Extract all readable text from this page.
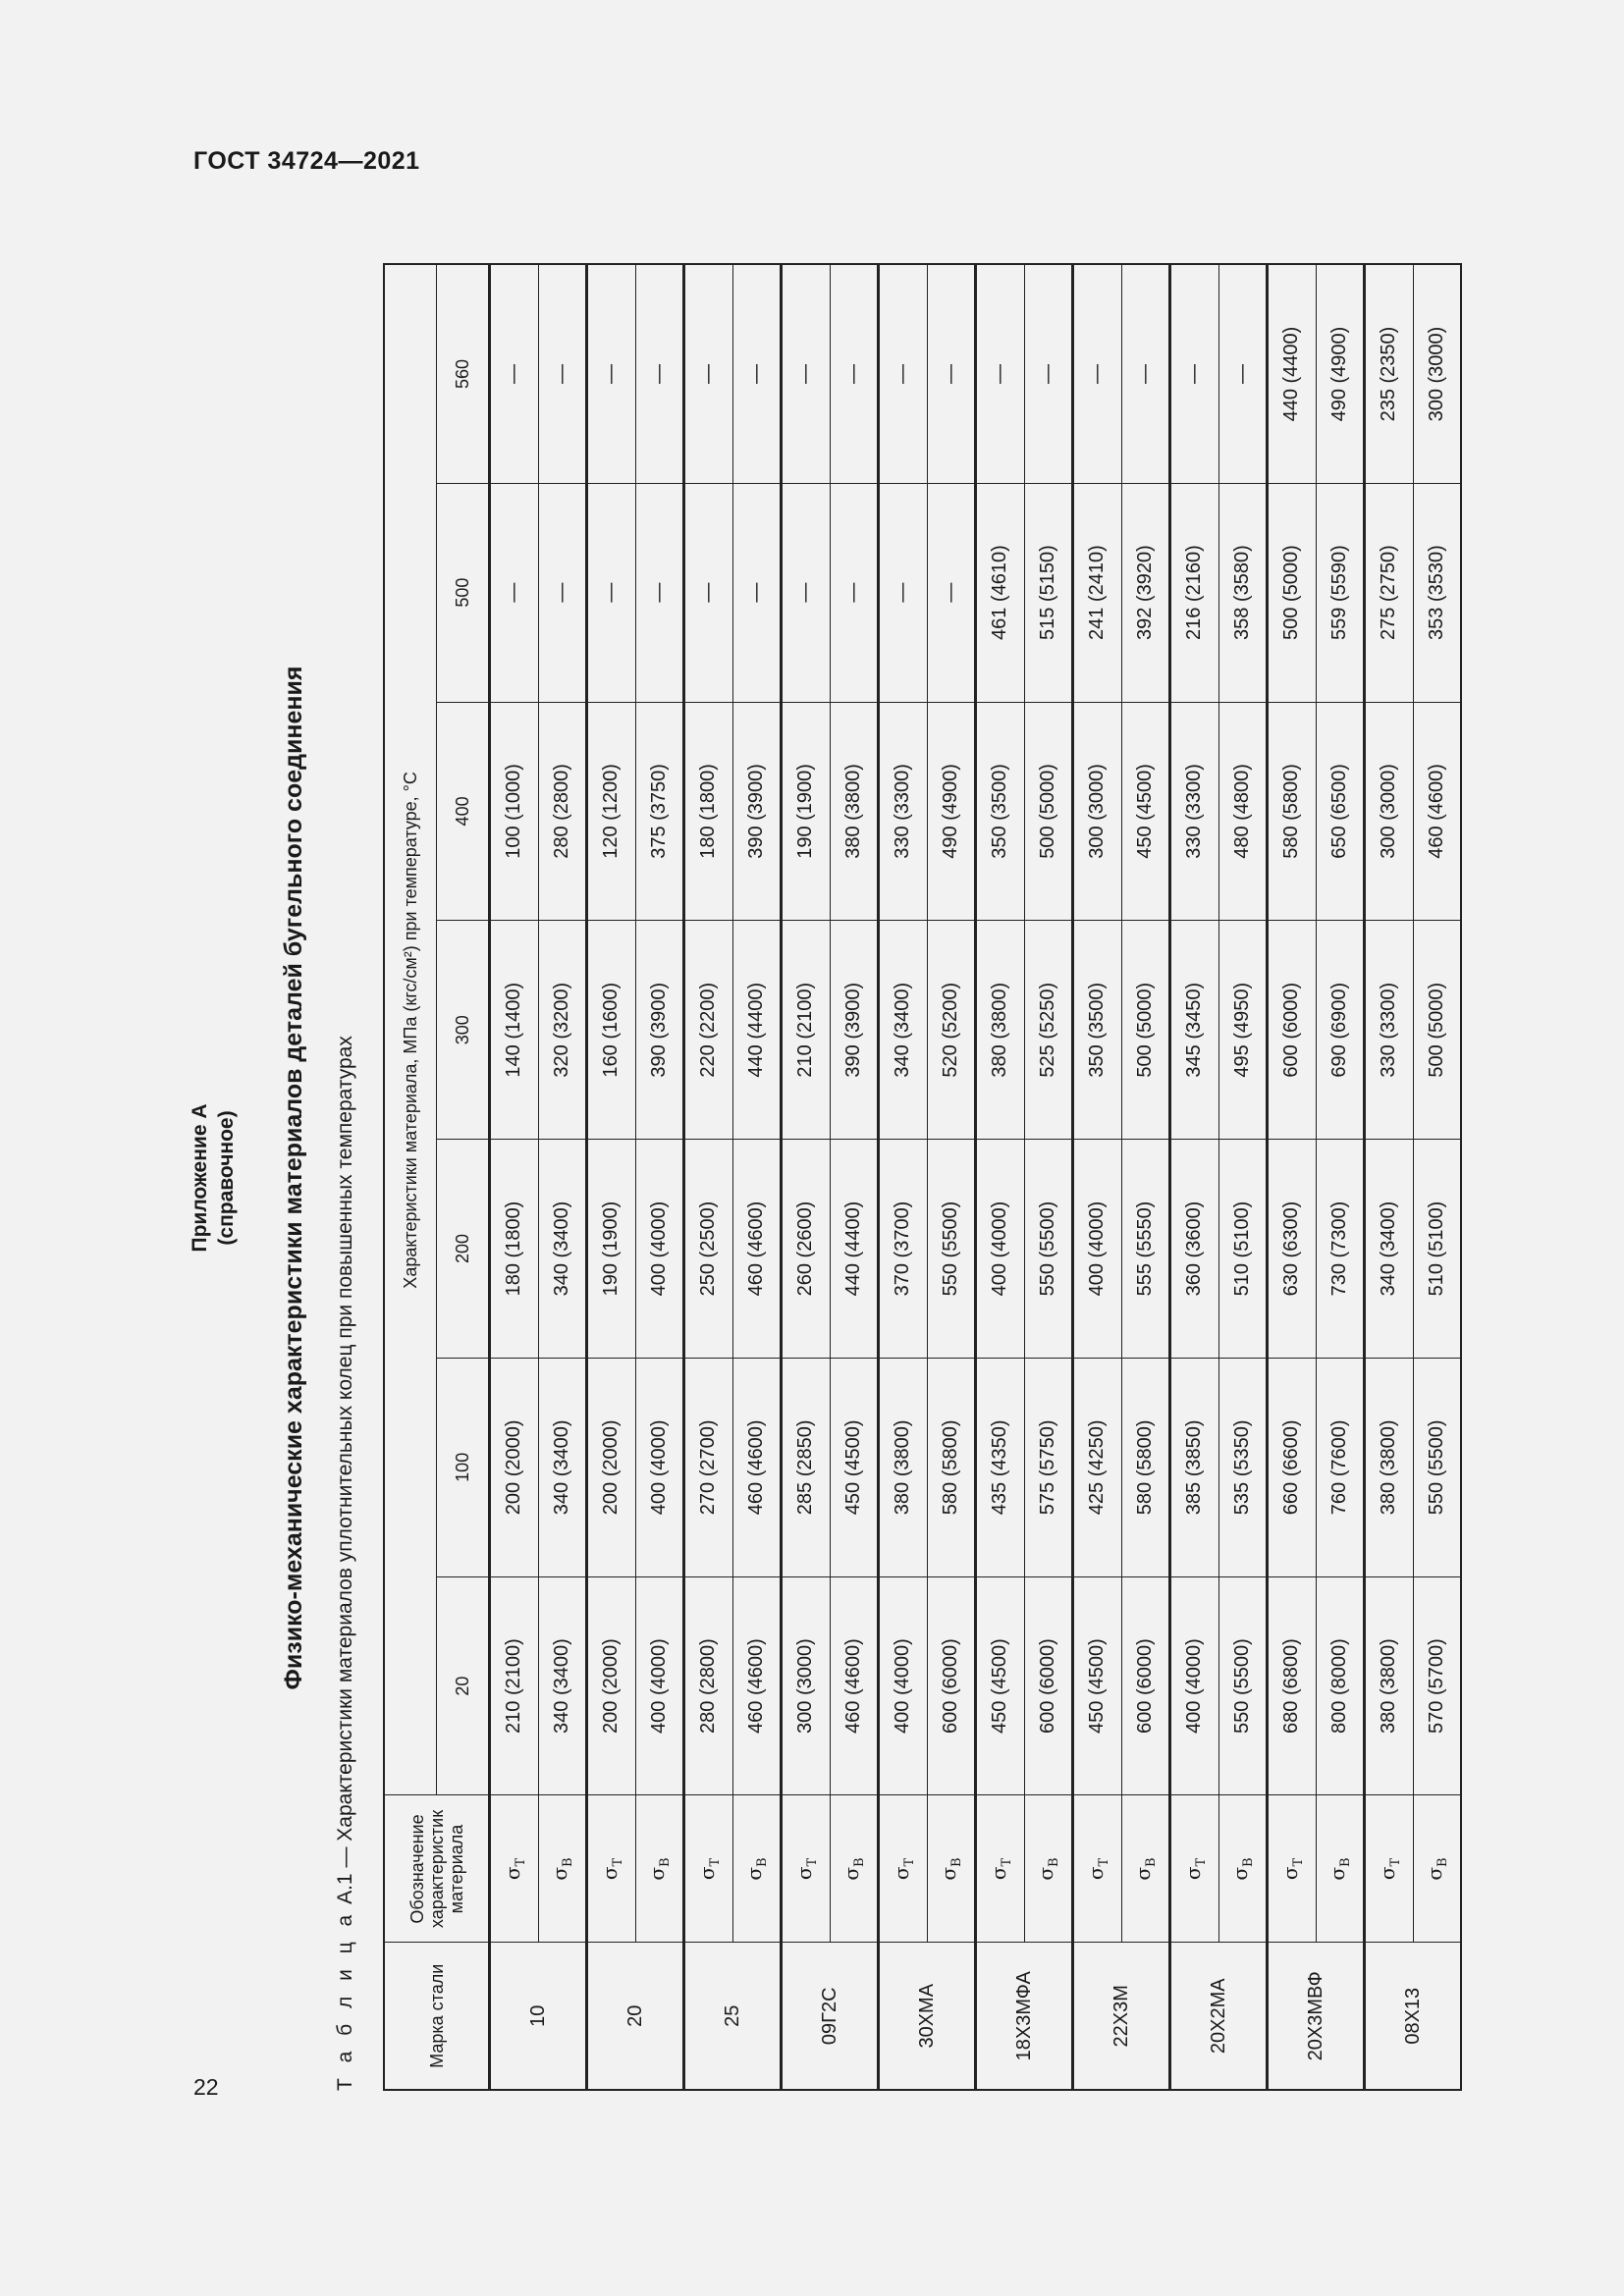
ГОСТ 34724—2021
Приложение А (справочное) Физико-механические характеристики материалов деталей бугельного соединения
Т а б л и ц а А.1 — Характеристики материалов уплотнительных колец при повышенных температурах
Марка стали	Обозначение характеристик материала	Характеристики материала, МПа (кгс/см²) при температуре, °С						
		20	100	200	300	400	500	560
10	$\sigma_Т$	210 (2100)	200 (2000)	180 (1800)	140 (1400)	100 (1000)	—	—
	$\sigma_В$	340 (3400)	340 (3400)	340 (3400)	320 (3200)	280 (2800)	—	—
20	$\sigma_Т$	200 (2000)	200 (2000)	190 (1900)	160 (1600)	120 (1200)	—	—
	$\sigma_В$	400 (4000)	400 (4000)	400 (4000)	390 (3900)	375 (3750)	—	—
25	$\sigma_Т$	280 (2800)	270 (2700)	250 (2500)	220 (2200)	180 (1800)	—	—
	$\sigma_В$	460 (4600)	460 (4600)	460 (4600)	440 (4400)	390 (3900)	—	—
09Г2С	$\sigma_Т$	300 (3000)	285 (2850)	260 (2600)	210 (2100)	190 (1900)	—	—
	$\sigma_В$	460 (4600)	450 (4500)	440 (4400)	390 (3900)	380 (3800)	—	—
30ХМА	$\sigma_Т$	400 (4000)	380 (3800)	370 (3700)	340 (3400)	330 (3300)	—	—
	$\sigma_В$	600 (6000)	580 (5800)	550 (5500)	520 (5200)	490 (4900)	—	—
18Х3МФА	$\sigma_Т$	450 (4500)	435 (4350)	400 (4000)	380 (3800)	350 (3500)	461 (4610)	—
	$\sigma_В$	600 (6000)	575 (5750)	550 (5500)	525 (5250)	500 (5000)	515 (5150)	—
22Х3М	$\sigma_Т$	450 (4500)	425 (4250)	400 (4000)	350 (3500)	300 (3000)	241 (2410)	—
	$\sigma_В$	600 (6000)	580 (5800)	555 (5550)	500 (5000)	450 (4500)	392 (3920)	—
20Х2МА	$\sigma_Т$	400 (4000)	385 (3850)	360 (3600)	345 (3450)	330 (3300)	216 (2160)	—
	$\sigma_В$	550 (5500)	535 (5350)	510 (5100)	495 (4950)	480 (4800)	358 (3580)	—
20Х3МВФ	$\sigma_Т$	680 (6800)	660 (6600)	630 (6300)	600 (6000)	580 (5800)	500 (5000)	440 (4400)
	$\sigma_В$	800 (8000)	760 (7600)	730 (7300)	690 (6900)	650 (6500)	559 (5590)	490 (4900)
08Х13	$\sigma_Т$	380 (3800)	380 (3800)	340 (3400)	330 (3300)	300 (3000)	275 (2750)	235 (2350)
	$\sigma_В$	570 (5700)	550 (5500)	510 (5100)	500 (5000)	460 (4600)	353 (3530)	300 (3000)
22
